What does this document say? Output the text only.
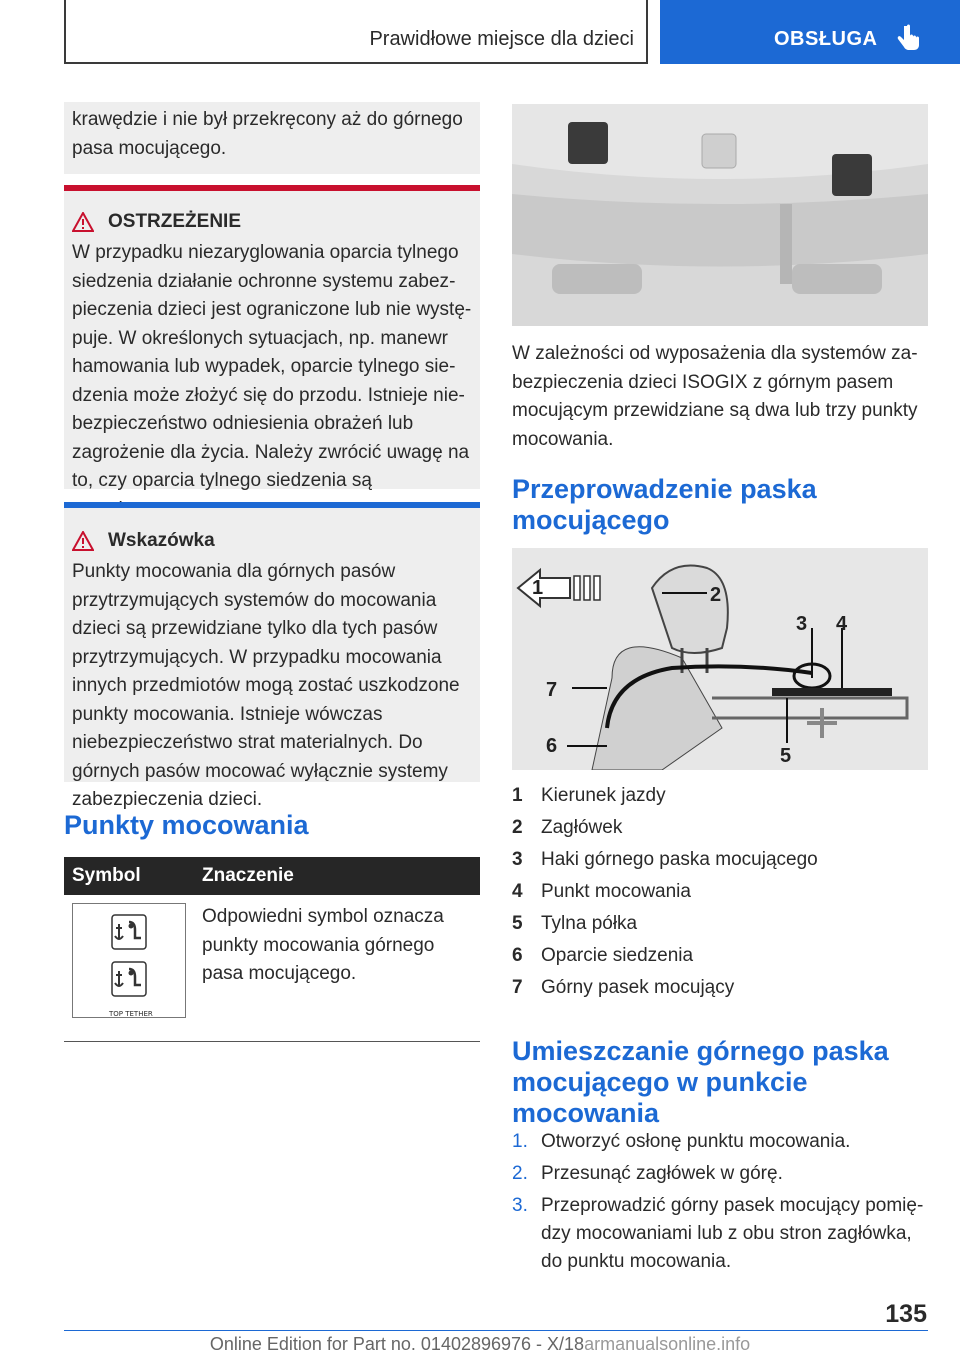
Prawidłowe miejsce dla dzieci	OBSŁUGA

krawędzie i nie był przekręcony aż do górnego pasa mocującego.

OSTRZEŻENIE

W przypadku niezaryglowania oparcia tylnego siedzenia działanie ochronne systemu zabezpieczenia dzieci jest ograniczone lub nie występuje. W określonych sytuacjach, np. manewr hamowania lub wypadek, oparcie tylnego siedzenia może złożyć się do przodu. Istnieje niebezpieczeństwo odniesienia obrażeń lub zagrożenie dla życia. Należy zwrócić uwagę na to, czy oparcia tylnego siedzenia są

Wskazówka

Punkty mocowania dla górnych pasów przytrzymujących systemów do mocowania dzieci są przewidziane tylko dla tych pasów przytrzymujących. W przypadku mocowania innych przedmiotów mogą zostać uszkodzone punkty mocowania. Istnieje wówczas niebezpieczeństwo strat materialnych. Do górnych pasów mocować wyłącznie systemy zabezpieczenia dzieci.

Punkty mocowania
Symbol	Znaczenie

TOP TETHER	Odpowiedni symbol oznacza punkty mocowania górnego pasa mocującego.

W zależności od wyposażenia dla systemów zabezpieczenia dzieci ISOGIX z górnym pasem mocującym przewidziane są dwa lub trzy punkty mocowania.

Przeprowadzenie paska mocującego
1	2
3 4
5
6
7
1 Kierunek jazdy
2 Zagłówek
3 Haki górnego paska mocującego
4 Punkt mocowania
5 Tylna półka
6 Oparcie siedzenia
7 Górny pasek mocujący
Umieszczanie górnego paska mocującego w punkcie mocowania
1. Otworzyć osłonę punktu mocowania.
2. Przesunąć zagłówek w górę.
3. Przeprowadzić górny pasek mocujący pomiędzy mocowaniami lub z obu stron zagłówka, do punktu mocowania.
135
Online Edition for Part no. 01402896976 - X/18armanualsonline.info
